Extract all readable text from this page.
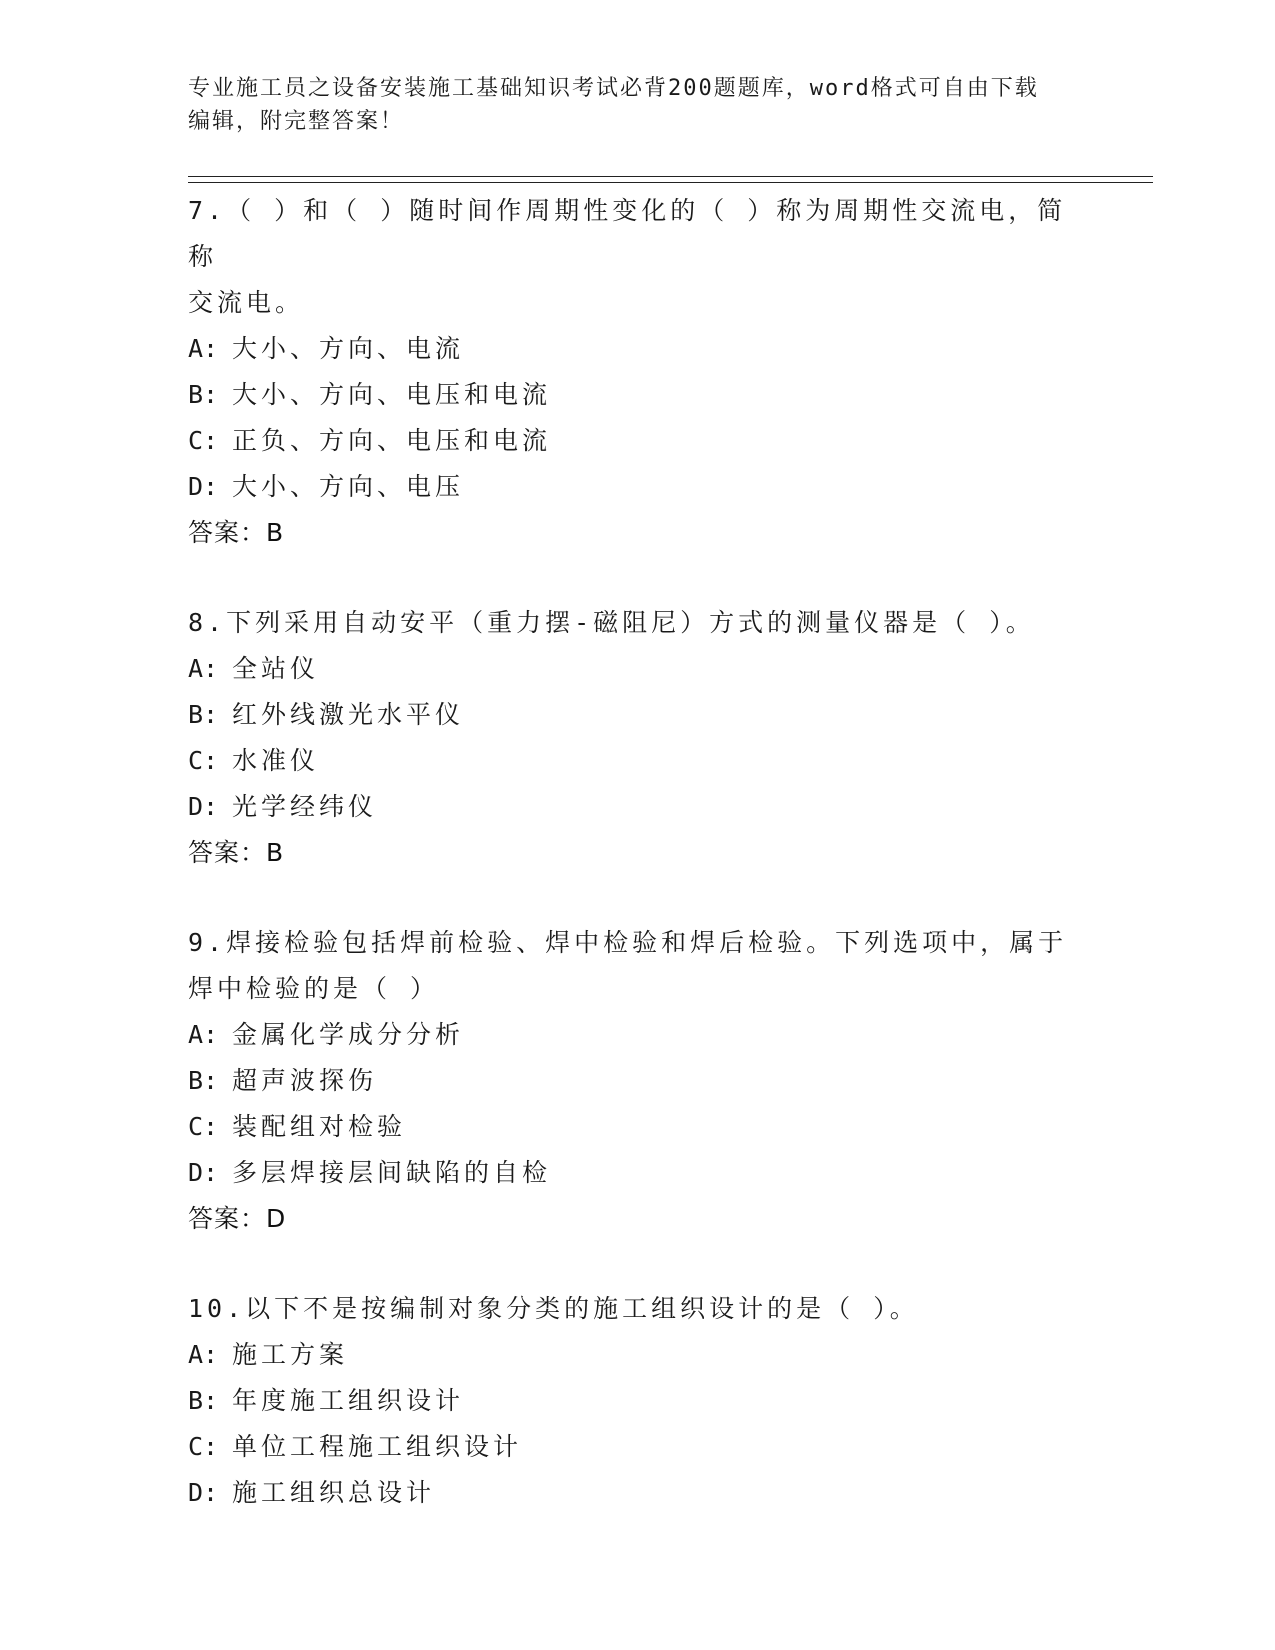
专业施工员之设备安装施工基础知识考试必背200题题库，word格式可自由下载
编辑，附完整答案！
7.（ ）和（ ）随时间作周期性变化的（ ）称为周期性交流电，简称
交流电。
A: 大小、方向、电流
B: 大小、方向、电压和电流
C: 正负、方向、电压和电流
D: 大小、方向、电压
答案：B
8.下列采用自动安平（重力摆-磁阻尼）方式的测量仪器是（ ）。
A: 全站仪
B: 红外线激光水平仪
C: 水准仪
D: 光学经纬仪
答案：B
9.焊接检验包括焊前检验、焊中检验和焊后检验。下列选项中，属于
焊中检验的是（ ）
A: 金属化学成分分析
B: 超声波探伤
C: 装配组对检验
D: 多层焊接层间缺陷的自检
答案：D
10.以下不是按编制对象分类的施工组织设计的是（ ）。
A: 施工方案
B: 年度施工组织设计
C: 单位工程施工组织设计
D: 施工组织总设计
